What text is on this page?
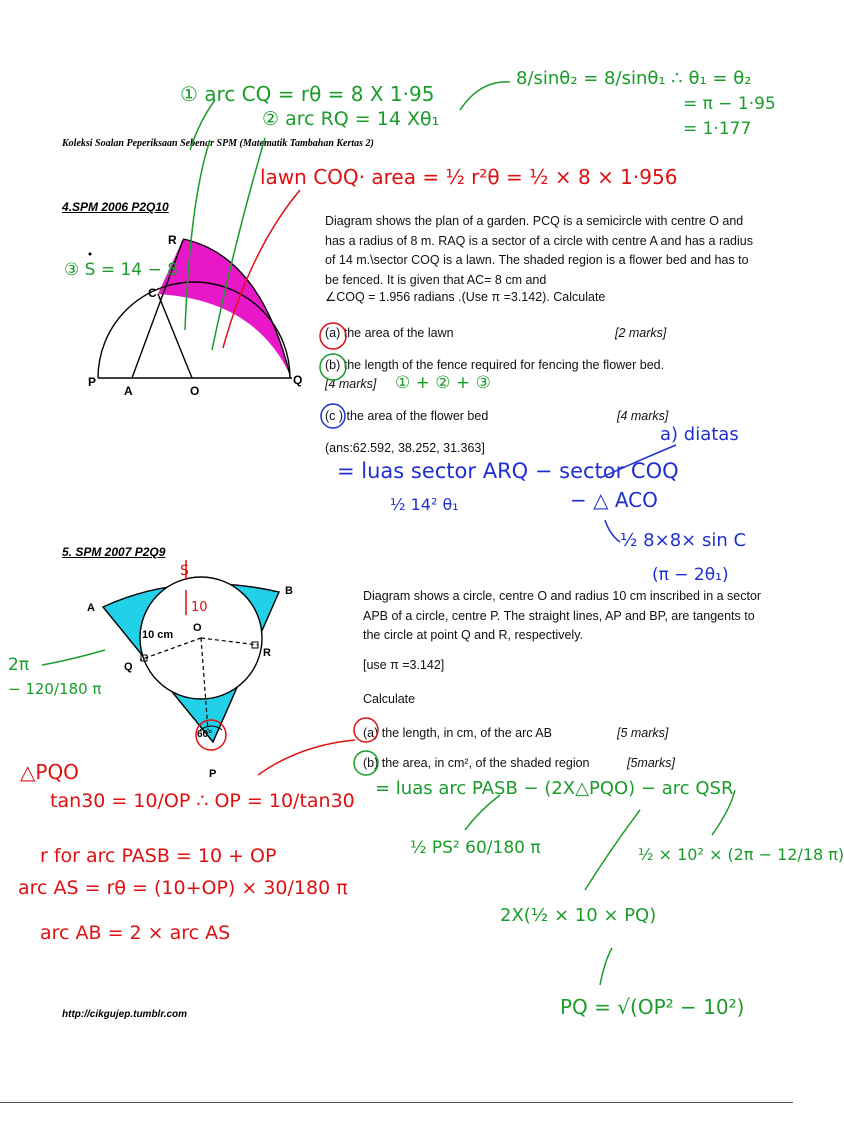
Koleksi Soalan Peperiksaan Sebenar SPM (Matematik Tambahan Kertas 2)
4.SPM 2006 P2Q10
Diagram shows the plan of a garden. PCQ is a semicircle with centre O and has a radius of 8 m. RAQ is a sector of a circle with centre A and has a radius of 14 m.\sector COQ is a lawn. The shaded region is a flower bed and has to be fenced. It is given that AC= 8 cm and
∠COQ = 1.956 radians .(Use π =3.142). Calculate
(a) the area of the lawn	[2 marks]
(b) the length of the fence required for fencing the flower bed.
[4 marks]
(c ) the area of the flower bed	[4 marks]
(ans:62.592, 38.252, 31.363]
5. SPM 2007 P2Q9
Diagram shows a circle, centre O and radius 10 cm inscribed in a sector APB of a circle, centre P. The straight lines, AP and BP, are tangents to the circle at point Q and R, respectively.
[use π =3.142]
Calculate
(a) the length, in cm, of the arc AB	[5 marks]
(b) the area, in cm², of the shaded region	[5marks]
http://cikgujep.tumblr.com
R
C
P
A	O
Q
A
B
O
Q
R
P
10 cm
60°
① arc CQ = rθ = 8 X 1·95
② arc RQ = 14 Xθ₁
8/sinθ₂ = 8/sinθ₁ ∴ θ₁ = θ₂
= π − 1·95
= 1·177
lawn COQ· area = ½ r²θ = ½ × 8 × 1·956
③ S = 14 − 8
① + ② + ③
a) diatas
= luas sector ARQ − sector COQ
½ 14² θ₁	− △ ACO
½ 8×8× sin C
(π − 2θ₁)
10
S
2π
− 120/180 π
△PQO
tan30 = 10/OP ∴ OP = 10/tan30
r for arc PASB = 10 + OP
arc AS = rθ = (10+OP) × 30/180 π
arc AB = 2 × arc AS
= luas arc PASB − (2X△PQO) − arc QSR
½ PS² 60/180 π	½ × 10² × (2π − 12/18 π)
2X(½ × 10 × PQ)
PQ = √(OP² − 10²)
